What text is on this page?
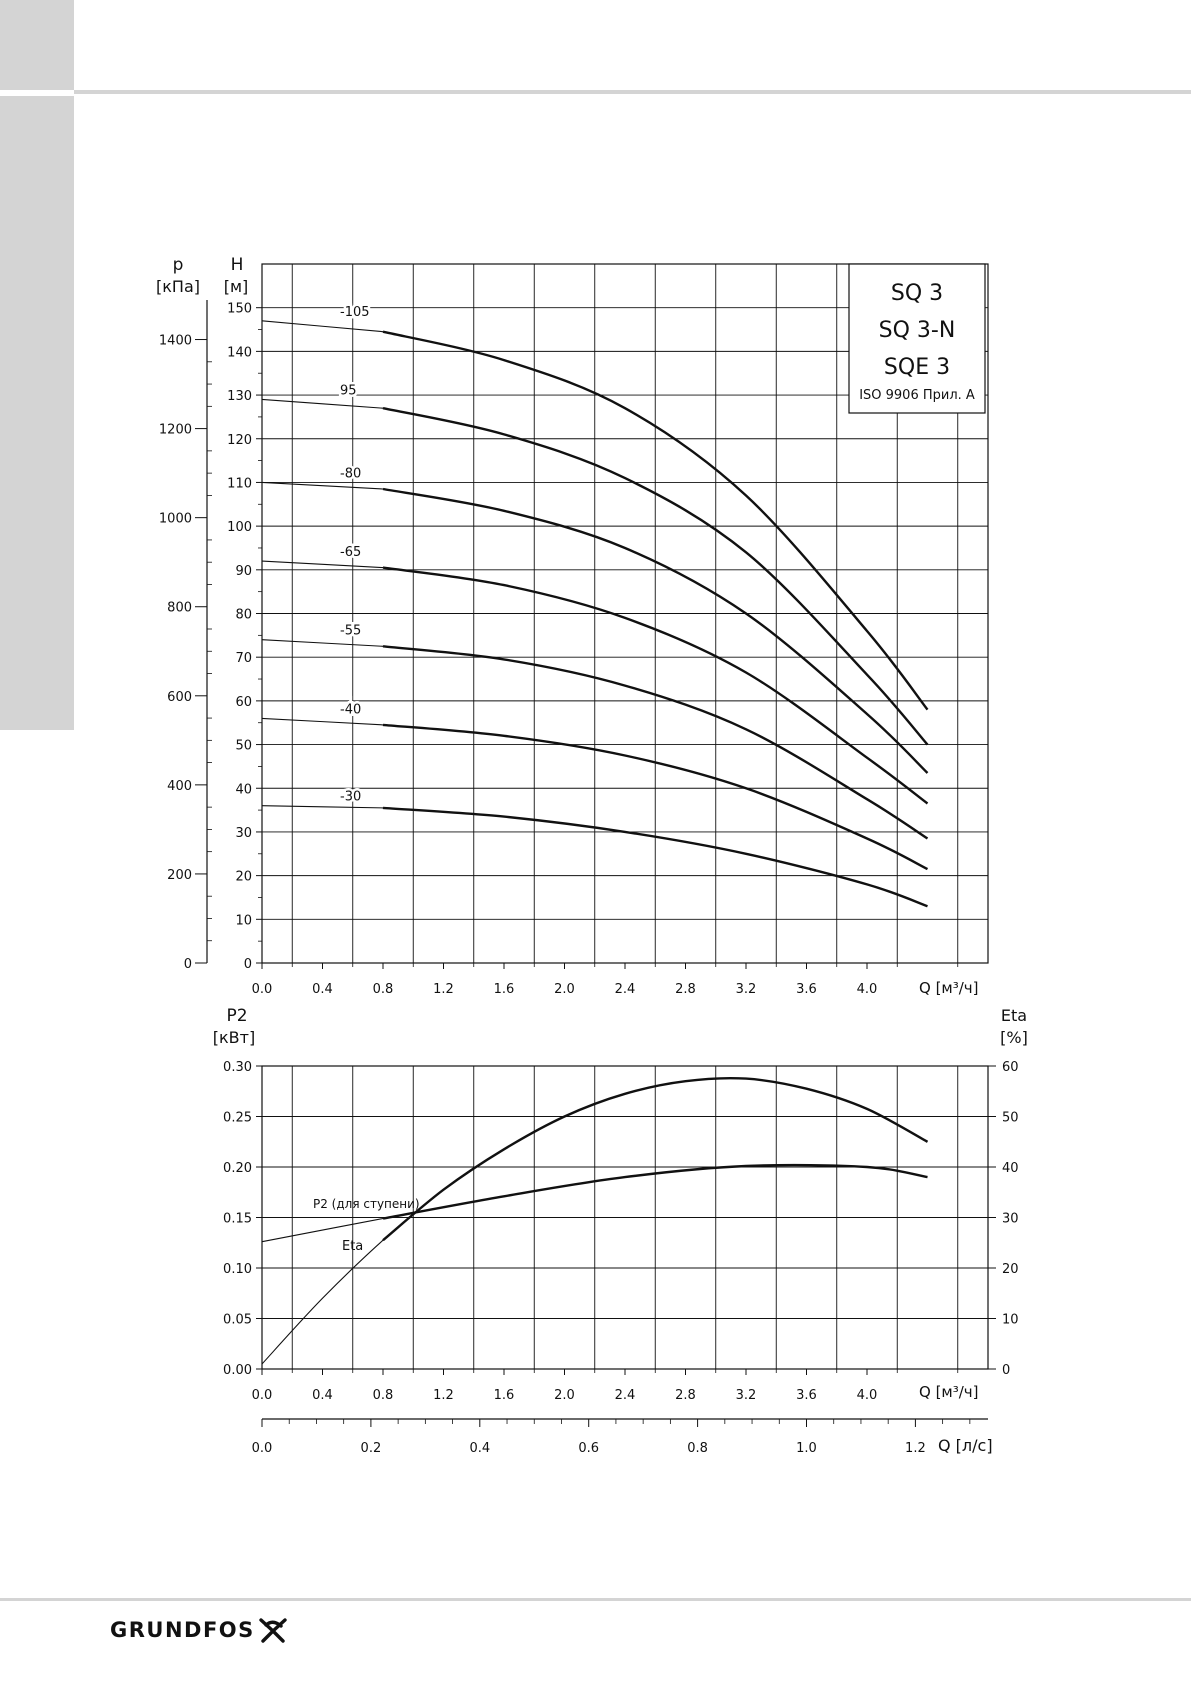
0
10
20
30
40
50
60
70
80
90
100
110
120
130
140
150
0.0	0.4	0.8	1.2	1.6	2.0	2.4	2.8	3.2	3.6	4.0
0
200
400
600
800
1000
1200
1400
-105
95
-80
-65
-55
-40
-30
SQ 3
SQ 3-N
SQE 3
ISO 9906 Прил. A
0.00
0.05
0.10
0.15
0.20
0.25
0.30
0
10
20
30
40
50
60
0.0	0.4	0.8	1.2	1.6	2.0	2.4	2.8	3.2	3.6	4.0
0.0	0.2	0.4	0.6	0.8	1.0	1.2
p
[кПа]
H
[м]
Q [м³/ч]
P2
[кВт]
Eta
[%]
Q [м³/ч]
Q [л/с]
P2 (для ступени)
Eta
GRUNDFOS
